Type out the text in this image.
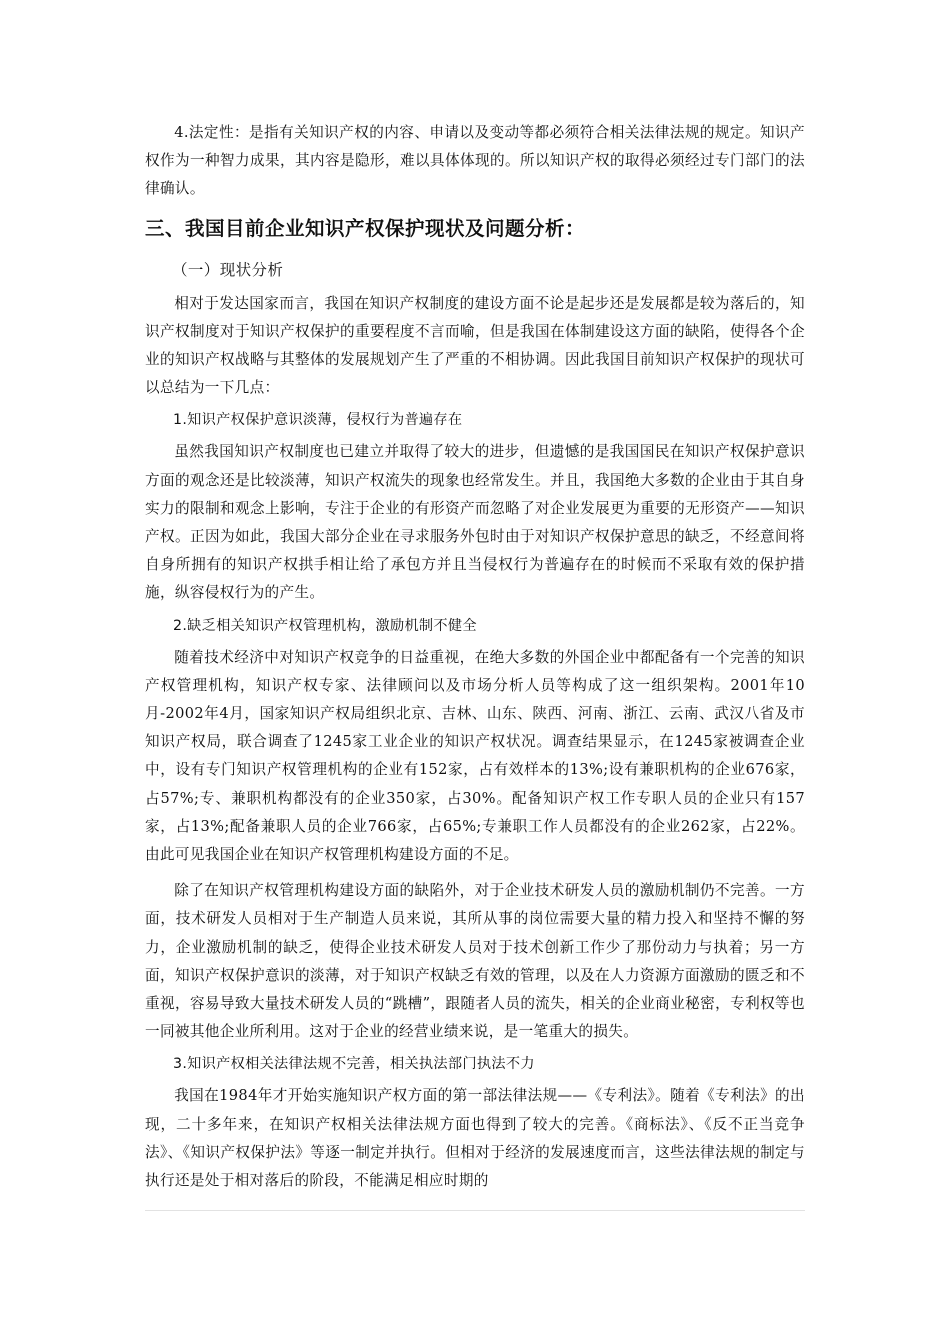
4.法定性：是指有关知识产权的内容、申请以及变动等都必须符合相关法律法规的规定。知识产权作为一种智力成果，其内容是隐形，难以具体体现的。所以知识产权的取得必须经过专门部门的法律确认。

三、我国目前企业知识产权保护现状及问题分析：
（一）现状分析

相对于发达国家而言，我国在知识产权制度的建设方面不论是起步还是发展都是较为落后的，知识产权制度对于知识产权保护的重要程度不言而喻，但是我国在体制建设这方面的缺陷，使得各个企业的知识产权战略与其整体的发展规划产生了严重的不相协调。因此我国目前知识产权保护的现状可以总结为一下几点：

1.知识产权保护意识淡薄，侵权行为普遍存在

虽然我国知识产权制度也已建立并取得了较大的进步，但遗憾的是我国国民在知识产权保护意识方面的观念还是比较淡薄，知识产权流失的现象也经常发生。并且，我国绝大多数的企业由于其自身实力的限制和观念上影响，专注于企业的有形资产而忽略了对企业发展更为重要的无形资产——知识产权。正因为如此，我国大部分企业在寻求服务外包时由于对知识产权保护意思的缺乏，不经意间将自身所拥有的知识产权拱手相让给了承包方并且当侵权行为普遍存在的时候而不采取有效的保护措施，纵容侵权行为的产生。

2.缺乏相关知识产权管理机构，激励机制不健全

随着技术经济中对知识产权竞争的日益重视，在绝大多数的外国企业中都配备有一个完善的知识产权管理机构，知识产权专家、法律顾问以及市场分析人员等构成了这一组织架构。2001年10月-2002年4月，国家知识产权局组织北京、吉林、山东、陕西、河南、浙江、云南、武汉八省及市知识产权局，联合调查了1245家工业企业的知识产权状况。调查结果显示，在1245家被调查企业中，设有专门知识产权管理机构的企业有152家，占有效样本的13%;设有兼职机构的企业676家，占57%;专、兼职机构都没有的企业350家，占30%。配备知识产权工作专职人员的企业只有157家，占13%;配备兼职人员的企业766家，占65%;专兼职工作人员都没有的企业262家，占22%。由此可见我国企业在知识产权管理机构建设方面的不足。

除了在知识产权管理机构建设方面的缺陷外，对于企业技术研发人员的激励机制仍不完善。一方面，技术研发人员相对于生产制造人员来说，其所从事的岗位需要大量的精力投入和坚持不懈的努力，企业激励机制的缺乏，使得企业技术研发人员对于技术创新工作少了那份动力与执着；另一方面，知识产权保护意识的淡薄，对于知识产权缺乏有效的管理，以及在人力资源方面激励的匮乏和不重视，容易导致大量技术研发人员的“跳槽”，跟随者人员的流失，相关的企业商业秘密，专利权等也一同被其他企业所利用。这对于企业的经营业绩来说，是一笔重大的损失。

3.知识产权相关法律法规不完善，相关执法部门执法不力

我国在1984年才开始实施知识产权方面的第一部法律法规——《专利法》。随着《专利法》的出现，二十多年来，在知识产权相关法律法规方面也得到了较大的完善。《商标法》、《反不正当竞争法》、《知识产权保护法》等逐一制定并执行。但相对于经济的发展速度而言，这些法律法规的制定与执行还是处于相对落后的阶段，不能满足相应时期的
